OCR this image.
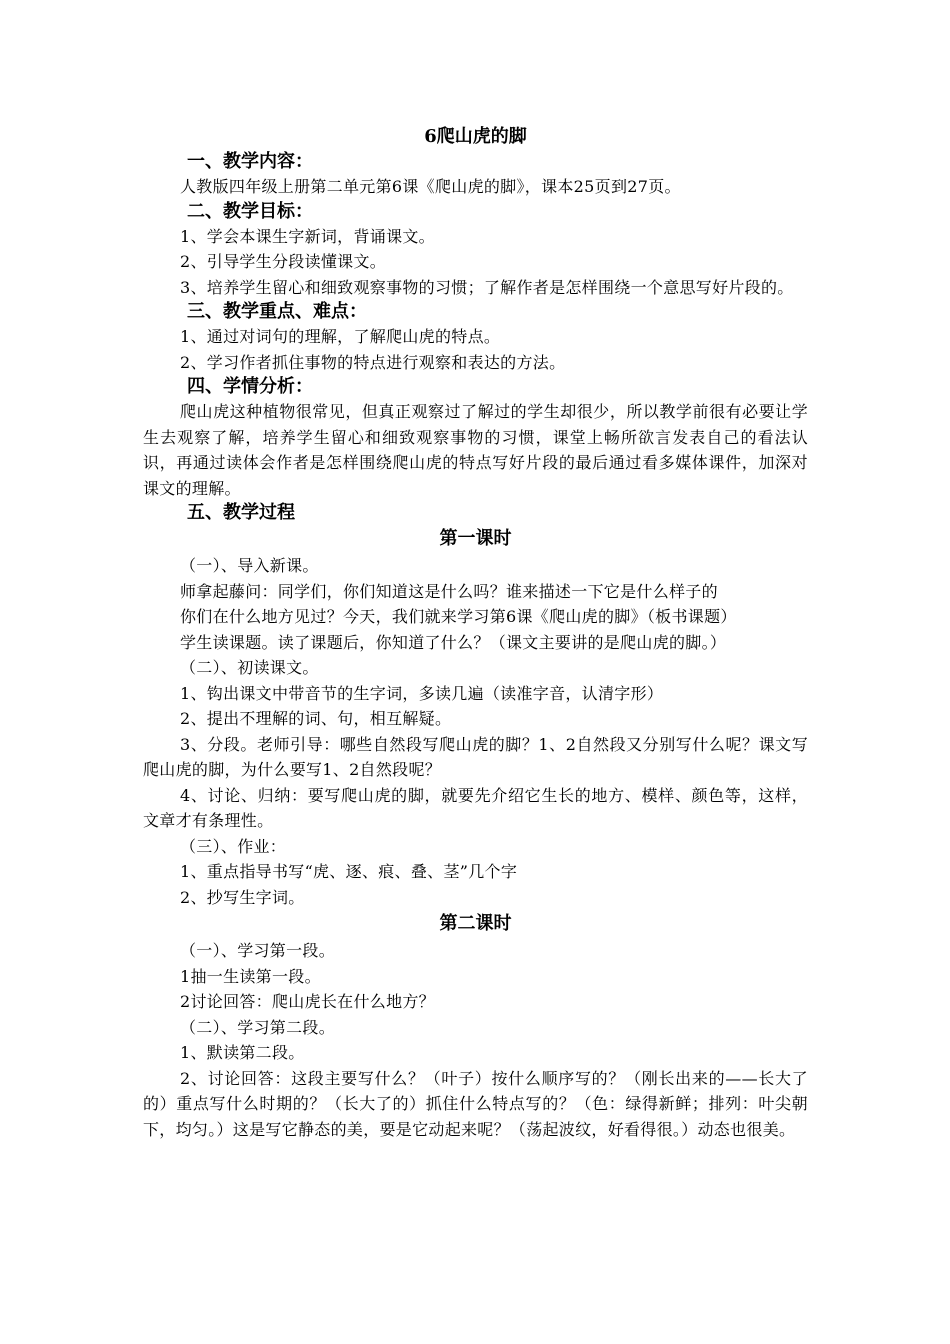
6爬山虎的脚

一、教学内容：

人教版四年级上册第二单元第6课《爬山虎的脚》，课本25页到27页。

二、教学目标：

1、学会本课生字新词，背诵课文。

2、引导学生分段读懂课文。

3、培养学生留心和细致观察事物的习惯；了解作者是怎样围绕一个意思写好片段的。

三、教学重点、难点：

1、通过对词句的理解，了解爬山虎的特点。

2、学习作者抓住事物的特点进行观察和表达的方法。

四、学情分析：

爬山虎这种植物很常见，但真正观察过了解过的学生却很少，所以教学前很有必要让学生去观察了解，培养学生留心和细致观察事物的习惯，课堂上畅所欲言发表自己的看法认识，再通过读体会作者是怎样围绕爬山虎的特点写好片段的最后通过看多媒体课件，加深对课文的理解。

五、教学过程

第一课时

（一）、导入新课。

师拿起藤问：同学们，你们知道这是什么吗？谁来描述一下它是什么样子的

你们在什么地方见过？今天，我们就来学习第6课《爬山虎的脚》（板书课题）

学生读课题。读了课题后，你知道了什么？（课文主要讲的是爬山虎的脚。）

（二）、初读课文。

1、钩出课文中带音节的生字词，多读几遍（读准字音，认清字形）

2、提出不理解的词、句，相互解疑。

3、分段。老师引导：哪些自然段写爬山虎的脚？1、2自然段又分别写什么呢？课文写爬山虎的脚，为什么要写1、2自然段呢？

4、讨论、归纳：要写爬山虎的脚，就要先介绍它生长的地方、模样、颜色等，这样，文章才有条理性。

（三）、作业：

1、重点指导书写“虎、逐、痕、叠、茎”几个字

2、抄写生字词。

第二课时

（一）、学习第一段。

1抽一生读第一段。

2讨论回答：爬山虎长在什么地方？

（二）、学习第二段。

1、默读第二段。

2、讨论回答：这段主要写什么？（叶子）按什么顺序写的？（刚长出来的——长大了的）重点写什么时期的？（长大了的）抓住什么特点写的？（色：绿得新鲜；排列：叶尖朝下，均匀。）这是写它静态的美，要是它动起来呢？（荡起波纹，好看得很。）动态也很美。
